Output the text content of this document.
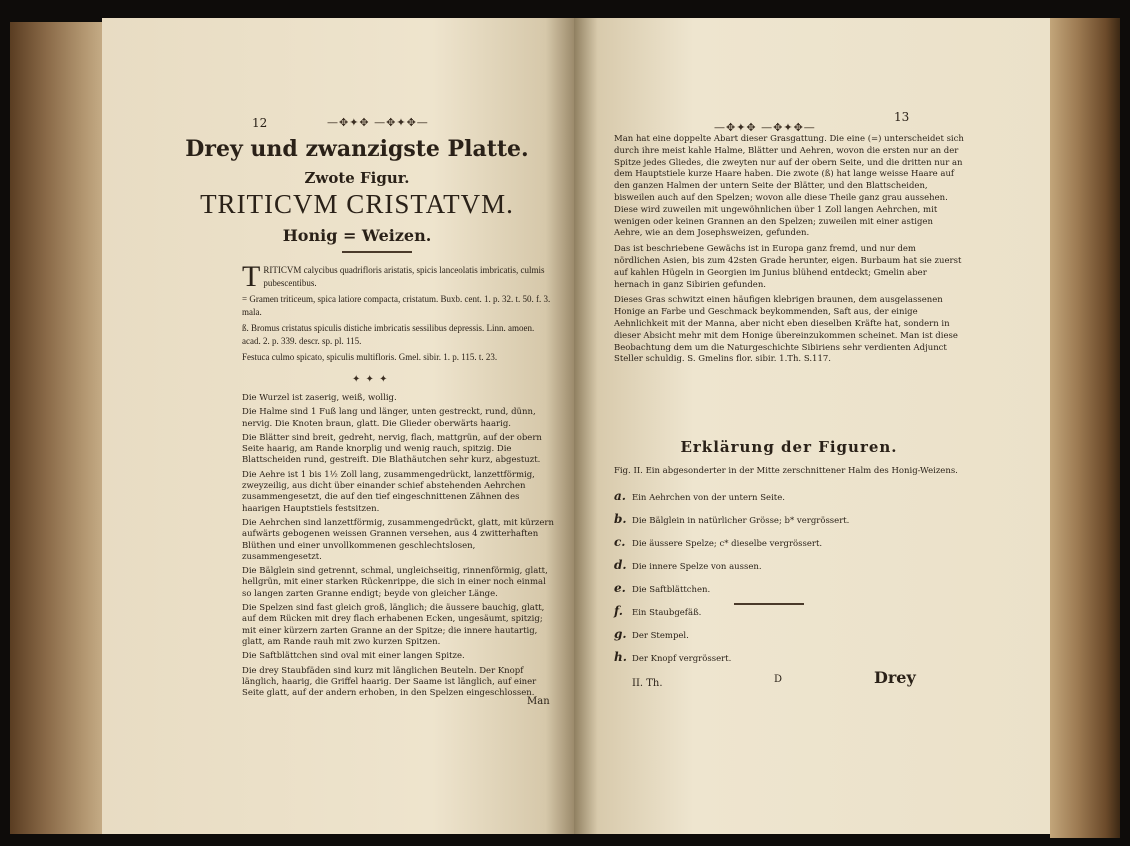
12	—✥✦✥ —✥✦✥—
Drey und zwanzigste Platte.
Zwote Figur.
TRITICVM CRISTATVM.
Honig = Weizen.

TRITICVM calycibus quadrifloris aristatis, spicis lanceolatis imbricatis, culmis pubescentibus.

= Gramen triticeum, spica latiore compacta, cristatum. Buxb. cent. 1. p. 32. t. 50. f. 3. mala.

ß. Bromus cristatus spiculis distiche imbricatis sessilibus depressis. Linn. amoen. acad. 2. p. 339. descr. sp. pl. 115.

Festuca culmo spicato, spiculis multifloris. Gmel. sibir. 1. p. 115. t. 23.

✦ ✦ ✦

Die Wurzel ist zaserig, weiß, wollig.

Die Halme sind 1 Fuß lang und länger, unten gestreckt, rund, dünn, nervig. Die Knoten braun, glatt. Die Glieder oberwärts haarig.

Die Blätter sind breit, gedreht, nervig, flach, mattgrün, auf der obern Seite haarig, am Rande knorplig und wenig rauch, spitzig. Die Blattscheiden rund, gestreift. Die Blathäutchen sehr kurz, abgestuzt.

Die Aehre ist 1 bis 1½ Zoll lang, zusammengedrückt, lanzettförmig, zweyzeilig, aus dicht über einander schief abstehenden Aehrchen zusammengesetzt, die auf den tief eingeschnittenen Zähnen des haarigen Hauptstiels festsitzen.

Die Aehrchen sind lanzettförmig, zusammengedrückt, glatt, mit kürzern aufwärts gebogenen weissen Grannen versehen, aus 4 zwitterhaften Blüthen und einer unvollkommenen geschlechtslosen, zusammengesetzt.

Die Bälglein sind getrennt, schmal, ungleichseitig, rinnenförmig, glatt, hellgrün, mit einer starken Rückenrippe, die sich in einer noch einmal so langen zarten Granne endigt; beyde von gleicher Länge.

Die Spelzen sind fast gleich groß, länglich; die äussere bauchig, glatt, auf dem Rücken mit drey flach erhabenen Ecken, ungesäumt, spitzig; mit einer kürzern zarten Granne an der Spitze; die innere hautartig, glatt, am Rande rauh mit zwo kurzen Spitzen.

Die Saftblättchen sind oval mit einer langen Spitze.

Die drey Staubfäden sind kurz mit länglichen Beuteln. Der Knopf länglich, haarig, die Griffel haarig. Der Saame ist länglich, auf einer Seite glatt, auf der andern erhoben, in den Spelzen eingeschlossen.

Man
—✥✦✥ —✥✦✥—
13

Man hat eine doppelte Abart dieser Grasgattung. Die eine (=) unterscheidet sich durch ihre meist kahle Halme, Blätter und Aehren, wovon die ersten nur an der Spitze jedes Gliedes, die zweyten nur auf der obern Seite, und die dritten nur an dem Hauptstiele kurze Haare haben. Die zwote (ß) hat lange weisse Haare auf den ganzen Halmen der untern Seite der Blätter, und den Blattscheiden, bisweilen auch auf den Spelzen; wovon alle diese Theile ganz grau aussehen. Diese wird zuweilen mit ungewöhnlichen über 1 Zoll langen Aehrchen, mit wenigen oder keinen Grannen an den Spelzen; zuweilen mit einer astigen Aehre, wie an dem Josephsweizen, gefunden.

Das ist beschriebene Gewächs ist in Europa ganz fremd, und nur dem nördlichen Asien, bis zum 42sten Grade herunter, eigen. Burbaum hat sie zuerst auf kahlen Hügeln in Georgien im Junius blühend entdeckt; Gmelin aber hernach in ganz Sibirien gefunden.

Dieses Gras schwitzt einen häufigen klebrigen braunen, dem ausgelassenen Honige an Farbe und Geschmack beykommenden, Saft aus, der einige Aehnlichkeit mit der Manna, aber nicht eben dieselben Kräfte hat, sondern in dieser Absicht mehr mit dem Honige übereinzukommen scheinet. Man ist diese Beobachtung dem um die Naturgeschichte Sibiriens sehr verdienten Adjunct Steller schuldig. S. Gmelins flor. sibir. 1.Th. S.117.

Erklärung der Figuren.
Fig. II. Ein abgesonderter in der Mitte zerschnittener Halm des Honig-Weizens.
a. Ein Aehrchen von der untern Seite.
b. Die Bälglein in natürlicher Grösse; b* vergrössert.
c. Die äussere Spelze; c* dieselbe vergrössert.
d. Die innere Spelze von aussen.
e. Die Saftblättchen.
f. Ein Staubgefäß.
g. Der Stempel.
h. Der Knopf vergrössert.
II. Th.	D	Drey
